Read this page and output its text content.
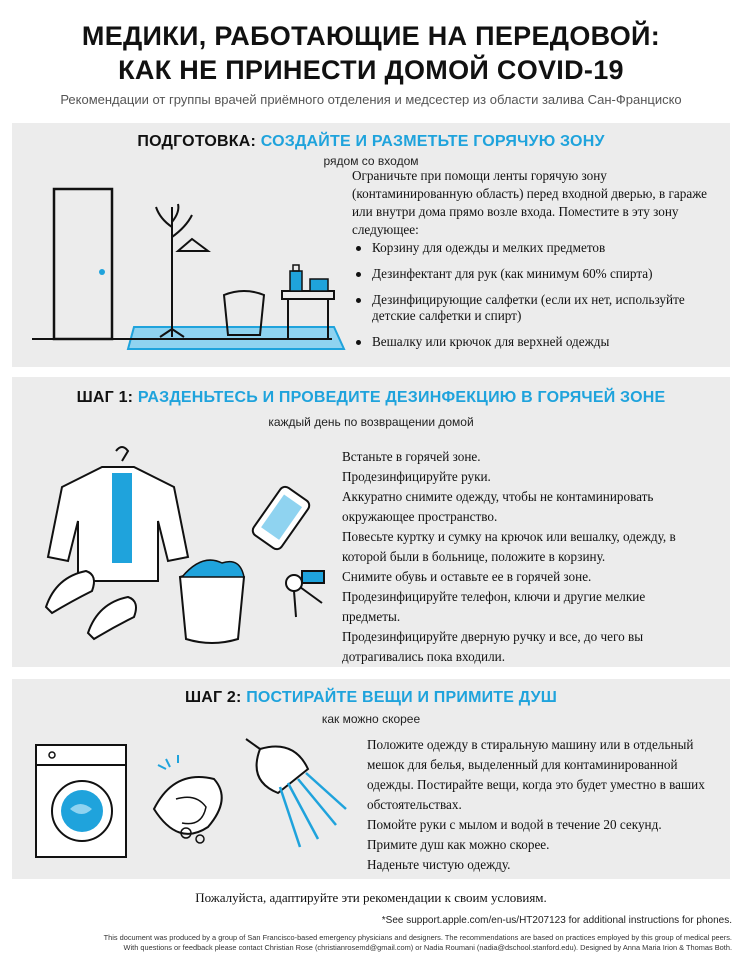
МЕДИКИ, РАБОТАЮЩИЕ НА ПЕРЕДОВОЙ:
КАК НЕ ПРИНЕСТИ ДОМОЙ COVID-19
Рекомендации от группы врачей приёмного отделения и медсестер из области залива Сан-Франциско
ПОДГОТОВКА: СОЗДАЙТЕ И РАЗМЕТЬТЕ ГОРЯЧУЮ ЗОНУ
рядом со входом
Ограничьте при помощи ленты горячую зону (контаминированную область) перед входной дверью, в гараже или внутри дома прямо возле входа. Поместите в эту зону следующее:
Корзину для одежды и мелких предметов
Дезинфектант для рук (как минимум 60% спирта)
Дезинфицирующие салфетки (если их нет, используйте детские салфетки и спирт)
Вешалку или крючок для верхней одежды
ШАГ 1: РАЗДЕНЬТЕСЬ И ПРОВЕДИТЕ ДЕЗИНФЕКЦИЮ В ГОРЯЧЕЙ ЗОНЕ
каждый день по возвращении домой
Встаньте в горячей зоне.
Продезинфицируйте руки.
Аккуратно снимите одежду, чтобы не контаминировать
окружающее пространство.
Повесьте куртку и сумку на крючок или вешалку, одежду, в
которой были в больнице, положите в корзину.
Снимите обувь и оставьте ее в горячей зоне.
Продезинфицируйте телефон, ключи и другие мелкие
предметы.
Продезинфицируйте дверную ручку и все, до чего вы
дотрагивались пока входили.
ШАГ 2: ПОСТИРАЙТЕ ВЕЩИ И ПРИМИТЕ ДУШ
как можно скорее
Положите одежду в стиральную машину или в отдельный
мешок для белья, выделенный для контаминированной
одежды. Постирайте вещи, когда это будет уместно в ваших
обстоятельствах.
Помойте руки с мылом и водой в течение 20 секунд.
Примите душ как можно скорее.
Наденьте чистую одежду.
Пожалуйста, адаптируйте эти рекомендации к своим условиям.
*See support.apple.com/en-us/HT207123 for additional instructions for phones.
This document was produced by a group of San Francisco-based emergency physicians and designers. The recommendations are based on practices employed by this group of medical peers.
With questions or feedback please contact Christian Rose (christianrosemd@gmail.com) or Nadia Roumani (nadia@dschool.stanford.edu). Designed by Anna Maria Irion & Thomas Both.
